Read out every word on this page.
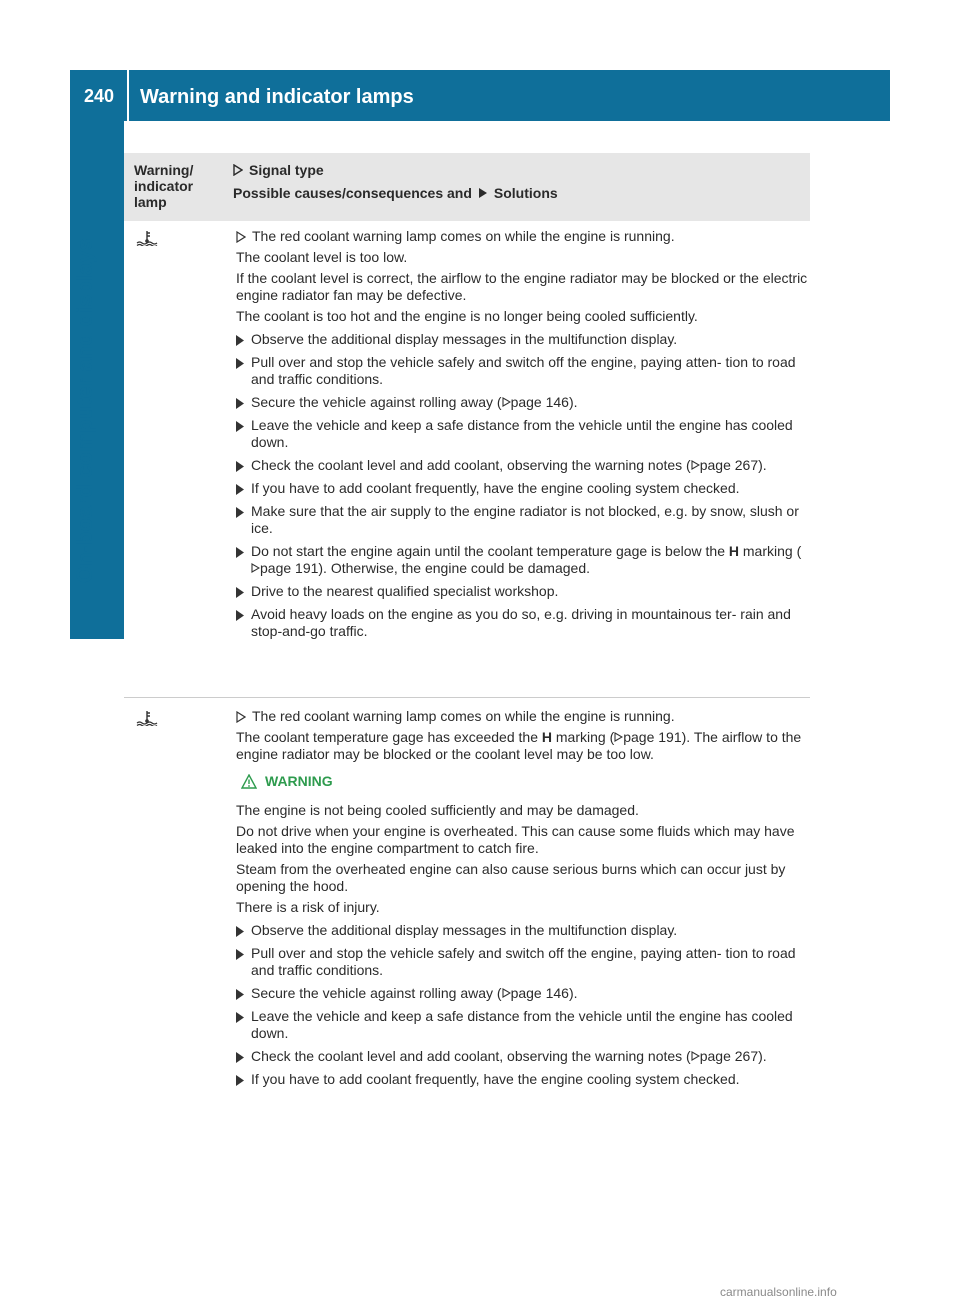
240 Warning and indicator lamps
On-board computer and displays
Warning/ indicator lamp
Signal type
Possible causes/consequences and Solutions
The red coolant warning lamp comes on while the engine is running.

The coolant level is too low.

If the coolant level is correct, the airflow to the engine radiator may be blocked or the electric engine radiator fan may be defective.

The coolant is too hot and the engine is no longer being cooled sufficiently.

Observe the additional display messages in the multifunction display.
Pull over and stop the vehicle safely and switch off the engine, paying atten- tion to road and traffic conditions.
Secure the vehicle against rolling away ( page 146).
Leave the vehicle and keep a safe distance from the vehicle until the engine has cooled down.
Check the coolant level and add coolant, observing the warning notes ( page 267).
If you have to add coolant frequently, have the engine cooling system checked.
Make sure that the air supply to the engine radiator is not blocked, e.g. by snow, slush or ice.
Do not start the engine again until the coolant temperature gage is below the H marking (page 191). Otherwise, the engine could be damaged.
Drive to the nearest qualified specialist workshop.
Avoid heavy loads on the engine as you do so, e.g. driving in mountainous ter- rain and stop-and-go traffic.
The red coolant warning lamp comes on while the engine is running.

The coolant temperature gage has exceeded the H marking ( page 191). The airflow to the engine radiator may be blocked or the coolant level may be too low.

WARNING

The engine is not being cooled sufficiently and may be damaged.

Do not drive when your engine is overheated. This can cause some fluids which may have leaked into the engine compartment to catch fire.

Steam from the overheated engine can also cause serious burns which can occur just by opening the hood.

There is a risk of injury.

Observe the additional display messages in the multifunction display.
Pull over and stop the vehicle safely and switch off the engine, paying atten- tion to road and traffic conditions.
Secure the vehicle against rolling away ( page 146).
Leave the vehicle and keep a safe distance from the vehicle until the engine has cooled down.
Check the coolant level and add coolant, observing the warning notes ( page 267).
If you have to add coolant frequently, have the engine cooling system checked.
carmanualsonline.info
